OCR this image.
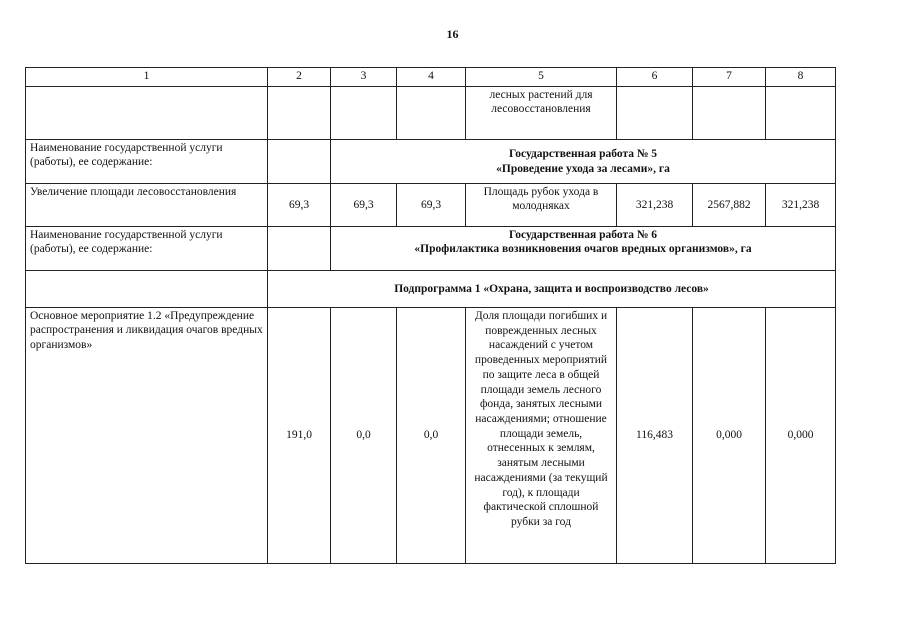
16
1	2	3	4	5	6	7	8
				лесных растений для лесовосстановления			
Наименование государственной услуги (работы), ее содержание:		Государственная работа № 5
«Проведение ухода за лесами», га					

Увеличение площади лесовосстановления	69,3	69,3	69,3	Площадь рубок ухода в молодняках	321,238	2567,882	321,238
Наименование государственной услуги (работы), ее содержание:		Государственная работа № 6
«Профилактика возникновения очагов вредных организмов», га					

	Подпрограмма 1 «Охрана, защита и воспроизводство лесов»						
Основное мероприятие 1.2 «Предупреждение распространения и ликвидация очагов вредных организмов»	191,0	0,0	0,0	Доля площади погибших и поврежденных лесных насаждений с учетом проведенных мероприятий по защите леса в общей площади земель лесного фонда, занятых лесными насаждениями; отношение площади земель, отнесенных к землям, занятым лесными насаждениями (за текущий год), к площади фактической сплошной рубки за год	116,483	0,000	0,000
